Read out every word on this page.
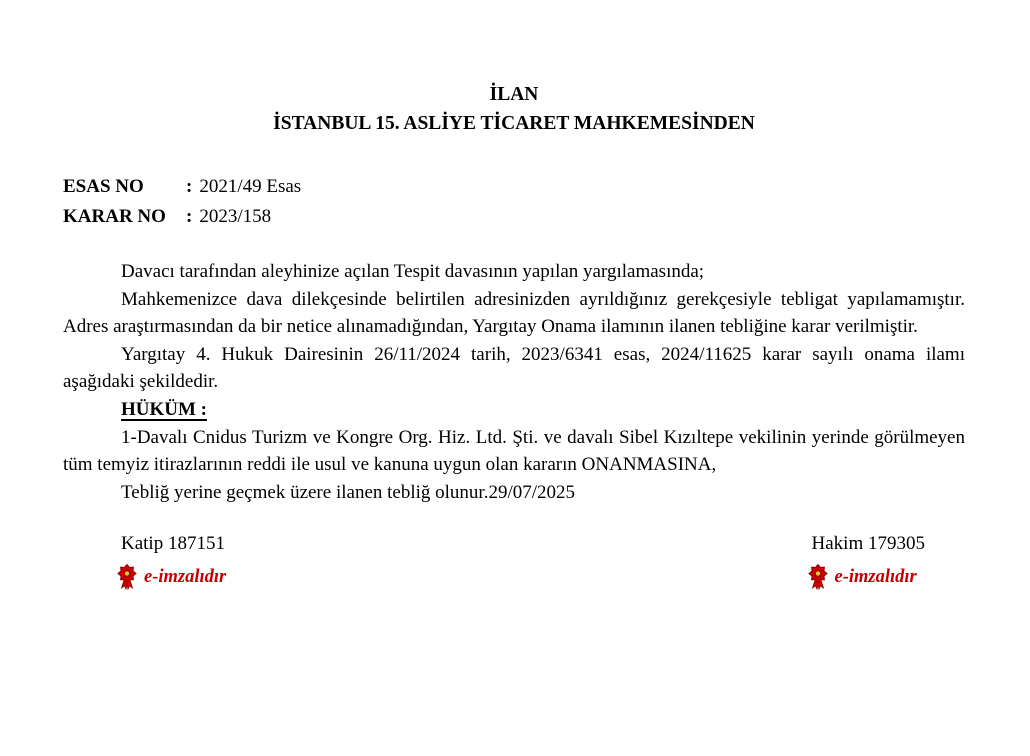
İLAN
İSTANBUL 15. ASLİYE TİCARET MAHKEMESİNDEN
ESAS NO : 2021/49 Esas
KARAR NO : 2023/158

Davacı tarafından aleyhinize açılan Tespit davasının yapılan yargılamasında;

Mahkemenizce dava dilekçesinde belirtilen adresinizden ayrıldığınız gerekçesiyle tebligat yapılamamıştır. Adres araştırmasından da bir netice alınamadığından, Yargıtay Onama ilamının ilanen tebliğine karar verilmiştir.

Yargıtay 4. Hukuk Dairesinin 26/11/2024 tarih, 2023/6341 esas, 2024/11625 karar sayılı onama ilamı aşağıdaki şekildedir.

HÜKÜM :

1-Davalı Cnidus Turizm ve Kongre Org. Hiz. Ltd. Şti. ve davalı Sibel Kızıltepe vekilinin yerinde görülmeyen tüm temyiz itirazlarının reddi ile usul ve kanuna uygun olan kararın ONANMASINA,

Tebliğ yerine geçmek üzere ilanen tebliğ olunur.29/07/2025

Katip 187151
e-imzalıdır
Hakim 179305
e-imzalıdır
